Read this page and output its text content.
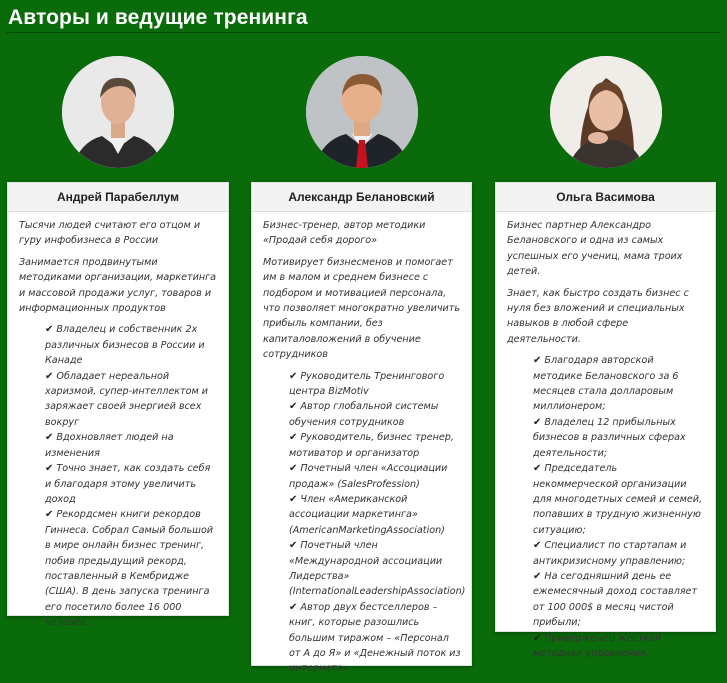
Авторы и ведущие тренинга
Андрей Парабеллум

Тысячи людей считают его отцом и гуру инфобизнеса в России

Занимается продвинутыми методиками организации, маркетинга и массовой продажи услуг, товаров и информационных продуктов

✔ Владелец и собственник 2х различных бизнесов в России и Канаде
✔ Обладает нереальной харизмой, супер-интеллектом и заряжает своей энергией всех вокруг
✔ Вдохновляет людей на изменения
✔ Точно знает, как создать себя и благодаря этому увеличить доход
✔ Рекордсмен книги рекордов Гиннеса. Собрал Самый большой в мире онлайн бизнес тренинг, побив предыдущий рекорд, поставленный в Кембридже (США). В день запуска тренинга его посетило более 16 000 человек.
Александр Белановский

Бизнес-тренер, автор методики «Продай себя дорого»

Мотивирует бизнесменов и помогает им в малом и среднем бизнесе с подбором и мотивацией персонала, что позволяет многократно увеличить прибыль компании, без капиталовложений в обучение сотрудников

✔ Руководитель Тренингового центра BizMotiv
✔ Автор глобальной системы обучения сотрудников
✔ Руководитель, бизнес тренер, мотиватор и организатор
✔ Почетный член «Ассоциации продаж» (SalesProfession)
✔ Член «Американской ассоциации маркетинга» (AmericanMarketingAssociation)
✔ Почетный член «Международной ассоциации Лидерства» (InternationalLeadershipAssociation)
✔ Автор двух бестселлеров – книг, которые разошлись большим тиражом – «Персонал от А до Я» и «Денежный поток из интернета»
Ольга Васимова

Бизнес партнер Александро Белановского и одна из самых успешных его учениц, мама троих детей.

Знает, как быстро создать бизнес с нуля без вложений и специальных навыков в любой сфере деятельности.

✔ Благодаря авторской методике Белановского за 6 месяцев стала долларовым миллионером;
✔ Владелец 12 прибыльных бизнесов в различных сферах деятельности;
✔ Председатель некоммерческой организации для многодетных семей и семей, попавших в трудную жизненную ситуацию;
✔ Специалист по стартапам и антикризисному управлению;
✔ На сегодняшний день ее ежемесячный доход составляет от 100 000$ в месяц чистой прибыли;
✔ Приверженец жесткой методики управления.
